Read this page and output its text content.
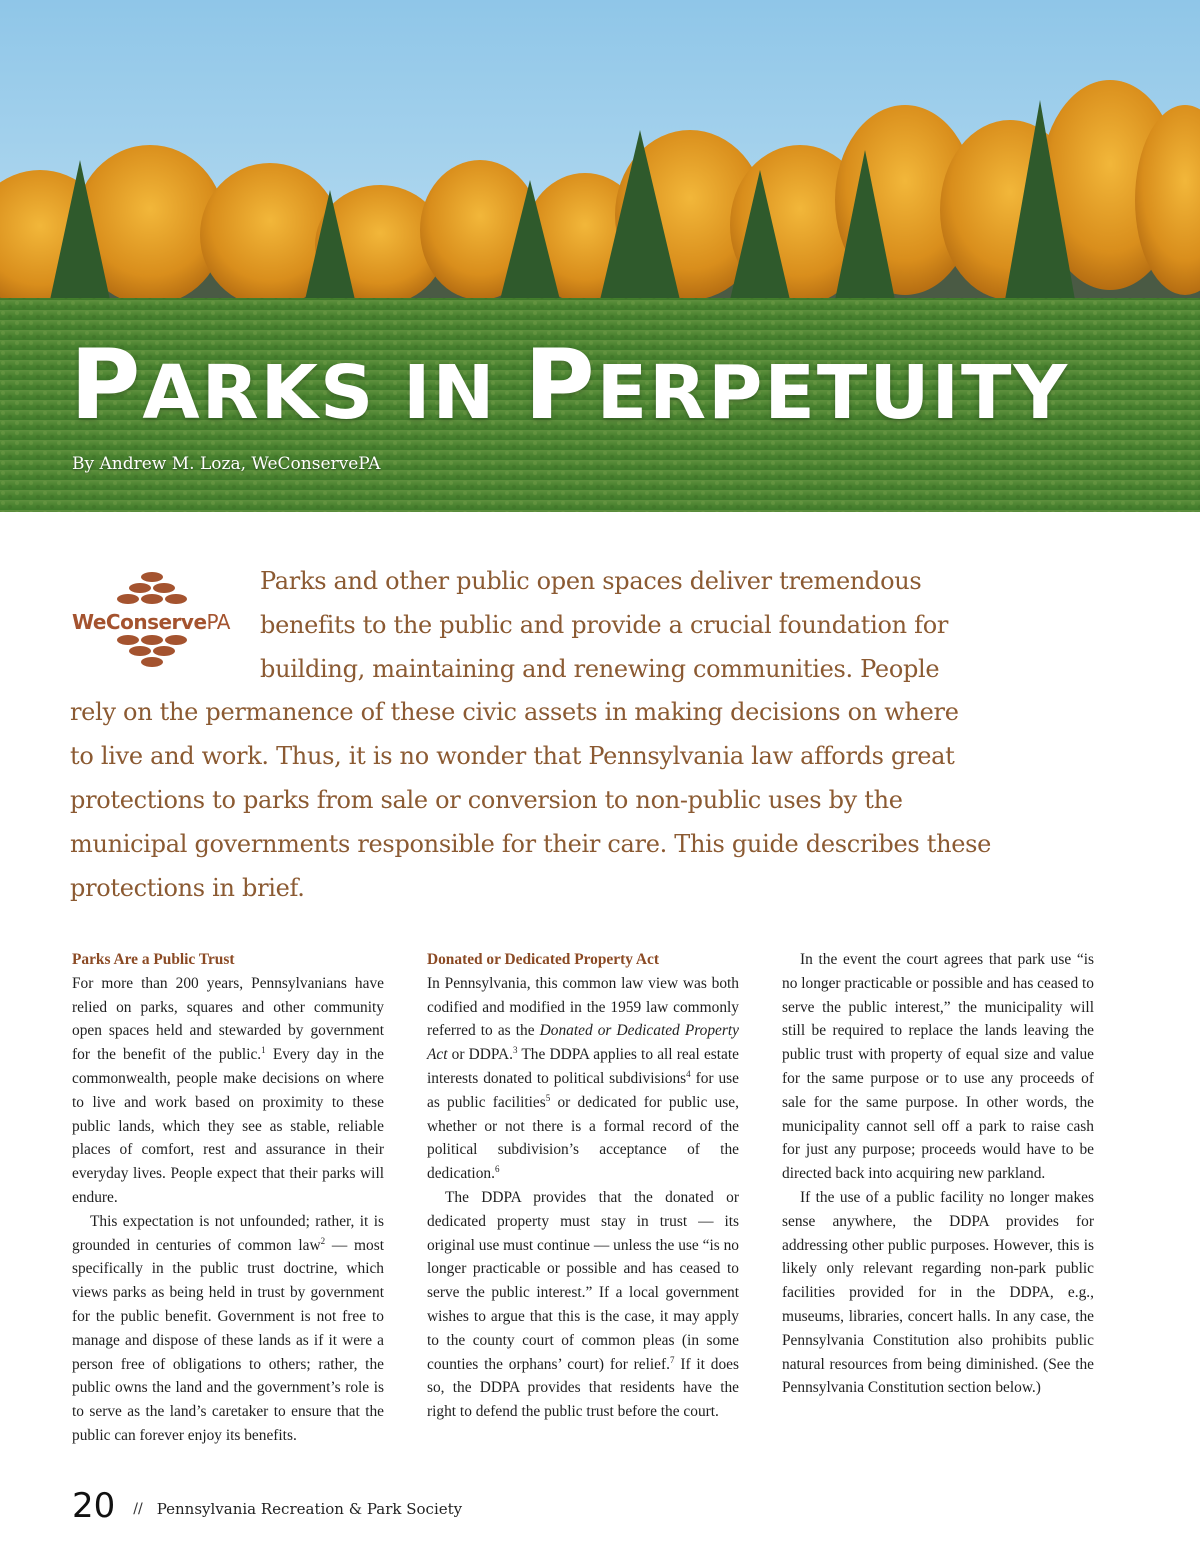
PARKS IN PERPETUITY
By Andrew M. Loza, WeConservePA
WeConservePA
Parks and other public open spaces deliver tremendous
benefits to the public and provide a crucial foundation for
building, maintaining and renewing communities. People
rely on the permanence of these civic assets in making decisions on where
to live and work. Thus, it is no wonder that Pennsylvania law affords great
protections to parks from sale or conversion to non-public uses by the
municipal governments responsible for their care. This guide describes these
protections in brief.
Parks Are a Public Trust

For more than 200 years, Pennsylvanians have relied on parks, squares and other community open spaces held and stewarded by government for the benefit of the public.$^1$ Every day in the commonwealth, people make decisions on where to live and work based on proximity to these public lands, which they see as stable, reliable places of comfort, rest and assurance in their everyday lives. People expect that their parks will endure.

This expectation is not unfounded; rather, it is grounded in centuries of common law$^2$ — most specifically in the public trust doctrine, which views parks as being held in trust by government for the public benefit. Government is not free to manage and dispose of these lands as if it were a person free of obligations to others; rather, the public owns the land and the government’s role is to serve as the land’s caretaker to ensure that the public can forever enjoy its benefits.

Donated or Dedicated Property Act

In Pennsylvania, this common law view was both codified and modified in the 1959 law commonly referred to as the Donated or Dedicated Property Act or DDPA.$^3$ The DDPA applies to all real estate interests donated to political subdivisions$^4$ for use as public facilities$^5$ or dedicated for public use, whether or not there is a formal record of the political subdivision’s acceptance of the dedication.$^6$

The DDPA provides that the donated or dedicated property must stay in trust — its original use must continue — unless the use “is no longer practicable or possible and has ceased to serve the public interest.” If a local government wishes to argue that this is the case, it may apply to the county court of common pleas (in some counties the orphans’ court) for relief.$^7$ If it does so, the DDPA provides that residents have the right to defend the public trust before the court.

In the event the court agrees that park use “is no longer practicable or possible and has ceased to serve the public interest,” the municipality will still be required to replace the lands leaving the public trust with property of equal size and value for the same purpose or to use any proceeds of sale for the same purpose. In other words, the municipality cannot sell off a park to raise cash for just any purpose; proceeds would have to be directed back into acquiring new parkland.

If the use of a public facility no longer makes sense anywhere, the DDPA provides for addressing other public purposes. However, this is likely only relevant regarding non-park public facilities provided for in the DDPA, e.g., museums, libraries, concert halls. In any case, the Pennsylvania Constitution also prohibits public natural resources from being diminished. (See the Pennsylvania Constitution section below.)

20 // Pennsylvania Recreation & Park Society
